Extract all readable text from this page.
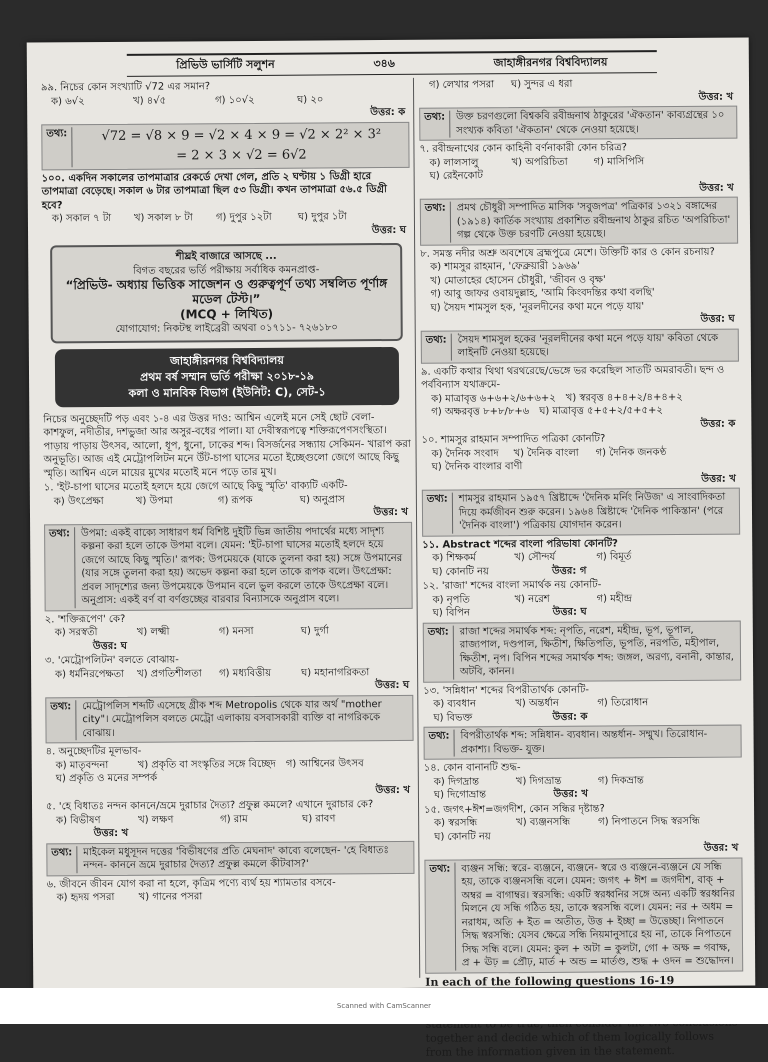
প্রিভিউ ভার্সিটি সলুশন	৩৪৬	জাহাঙ্গীরনগর বিশ্ববিদ্যালয়
৯৯. নিচের কোন সংখ্যাটি √72 এর সমান?
ক) ৬√২	খ) ৪√৫	গ) ১০√২	ঘ) ২০
উত্তর: ক
তথ্য:	√72 = √8 × 9 = √2 × 4 × 9 = √2 × 2² × 3²
= 2 × 3 × √2 = 6√2
১০০. একদিন সকালের তাপমাত্রার রেকর্ডে দেখা গেল, প্রতি ২ ঘণ্টায় ১ ডিগ্রী হারে তাপমাত্রা বেড়েছে। সকাল ৬ টার তাপমাত্রা ছিল ৫৩ ডিগ্রী। কখন তাপমাত্রা ৫৬.৫ ডিগ্রী হবে?
ক) সকাল ৭ টা	খ) সকাল ৮ টা	গ) দুপুর ১২টা	ঘ) দুপুর ১টা
উত্তর: ঘ
শীঘ্রই বাজারে আসছে ...
বিগত বছরের ভর্তি পরীক্ষায় সর্বাধিক কমনপ্রাপ্ত-
“প্রিভিউ- অধ্যায় ভিত্তিক সাজেশন ও গুরুত্বপূর্ণ তথ্য সম্বলিত পূর্ণাঙ্গ মডেল টেস্ট।”
(MCQ + লিখিত)
যোগাযোগ: নিকটস্থ লাইব্রেরী অথবা ০১৭১১- ৭২৬১৮০
জাহাঙ্গীরনগর বিশ্ববিদ্যালয়
প্রথম বর্ষ সম্মান ভর্তি পরীক্ষা ২০১৮-১৯
কলা ও মানবিক বিভাগ (ইউনিট: C), সেট-১
নিচের অনুচ্ছেদটি পড় এবং ১-৪ এর উত্তর দাও: আশ্বিন এলেই মনে সেই ছোট বেলা- কাশফুল, নদীতীর, দশভুজা আর অসুর-বধের পালা। যা দেবীস্বরূপত্বে শক্তিরূপেণসংস্থিতা। পাড়ায় পাড়ায় উৎসব, আলো, ধূপ, ধুনো, ঢাকের শব্দ। বিসর্জনের সন্ধ্যায় সেকিমন- খারাপ করা অনুভূতি। আজ এই মেট্রোপলিটন মনে উঁট-চাপা ঘাসের মতো ইচ্ছেগুলো জেগে আছে কিছু স্মৃতি। আশ্বিন এলে মায়ের মুখের মতোই মনে পড়ে তার মুখ।
১. 'ইট-চাপা ঘাসের মতোই হলদে হয়ে জেগে আছে কিছু স্মৃতি' বাক্যটি একটি-
ক) উৎপ্রেক্ষা	খ) উপমা	গ) রূপক	ঘ) অনুপ্রাস
উত্তর: খ
তথ্য:	উপমা: একই বাক্যে সাধারণ ধর্ম বিশিষ্ট দুইটি ভিন্ন জাতীয় পদার্থের মধ্যে সাদৃশ্য কল্পনা করা হলে তাকে উপমা বলে। যেমন: 'ইট-চাপা ঘাসের মতোই হলদে হয়ে জেগে আছে কিছু স্মৃতি।' রূপক: উপমেয়কে (যাকে তুলনা করা হয়) সঙ্গে উপমানের (যার সঙ্গে তুলনা করা হয়) অভেদ কল্পনা করা হলে তাকে রূপক বলে। উৎপ্রেক্ষা: প্রবল সাদৃশ্যের জন্য উপমেয়কে উপমান বলে ভুল করলে তাকে উৎপ্রেক্ষা বলে। অনুপ্রাস: একই বর্ণ বা বর্ণগুচ্ছের বারবার বিন্যাসকে অনুপ্রাস বলে।
২. 'শক্তিরূপেণ' কে?
ক) সরস্বতী	খ) লক্ষ্মী	গ) মনসা	ঘ) দুর্গা
উত্তর: ঘ
৩. 'মেট্রোপলিটন' বলতে বোঝায়-
ক) ধর্মনিরপেক্ষতা	খ) প্রগতিশীলতা	গ) মধ্যবিত্তীয়	ঘ) মহানাগরিকতা
উত্তর: ঘ
তথ্য:	মেট্রোপলিস শব্দটি এসেছে গ্রীক শব্দ Metropolis থেকে যার অর্থ "mother city"। মেট্রোপলিস বলতে মেট্রো এলাকায় বসবাসকারী ব্যক্তি বা নাগরিককে বোঝায়।
৪. অনুচ্ছেদটির মূলভাব-
ক) মাতৃবন্দনা	খ) প্রকৃতি বা সংস্কৃতির সঙ্গে বিচ্ছেদ গ) আশ্বিনের উৎসব
ঘ) প্রকৃতি ও মনের সম্পর্ক
উত্তর: খ
৫. 'হে বিধাতঃ নন্দন কাননে/ভ্রমে দুরাচার দৈত্য? প্রফুল্ল কমলে? এখানে দুরাচার কে?
ক) বিভীষণ	খ) লক্ষণ	গ) রাম	ঘ) রাবণ
উত্তর: খ
তথ্য:	মাইকেল মধুসূদন দত্তের 'বিভীষণের প্রতি মেঘনাদ' কাব্যে বলেছেন- 'হে বিধাতঃ নন্দন- কাননে ভ্রমে দুরাচার দৈত্য? প্রফুল্ল কমলে কীটবাস?'
৬. জীবনে জীবন যোগ করা না হলে, কৃত্রিম পণ্যে ব্যর্থ হয় শ্যামতার বসবে-
ক) হৃদয় পসরা	খ) গানের পসরা
গ) লেখার পসরা	ঘ) সুন্দর এ ধরা
উত্তর: খ
তথ্য:	উক্ত চরণগুলো বিশ্বকবি রবীন্দ্রনাথ ঠাকুরের 'ঐকতান' কাব্যগ্রন্থের ১০ সংখ্যক কবিতা 'ঐকতান' থেকে নেওয়া হয়েছে।
৭. রবীন্দ্রনাথের কোন কাহিনী বর্ণনাকারী কোন চরিত্র?
ক) লালসালু	খ) অপরিচিতা	গ) মাসিপিসি
ঘ) রেইনকোট
উত্তর: খ
তথ্য:	প্রমথ চৌধুরী সম্পাদিত মাসিক 'সবুজপত্র' পত্রিকার ১৩২১ বঙ্গাব্দের (১৯১৪) কার্তিক সংখ্যায় প্রকাশিত রবীন্দ্রনাথ ঠাকুর রচিত 'অপরিচিতা' গল্প থেকে উক্ত চরণটি নেওয়া হয়েছে।
৮. সমস্ত নদীর অশ্রু অবশেষে ব্রহ্মপুত্রে মেশে। উক্তিটি কার ও কোন রচনায়?
ক) শামসুর রাহমান, 'ফেব্রুয়ারী ১৯৬৯'
খ) মোতাহের হোসেন চৌধুরী, 'জীবন ও বৃক্ষ'
গ) আবু জাফর ওবায়দুল্লাহ, 'আমি কিংবদন্তির কথা বলছি'
ঘ) সৈয়দ শামসুল হক, 'নূরলদীনের কথা মনে পড়ে যায়'
উত্তর: ঘ
তথ্য:	সৈয়দ শামসুল হকের 'নূরলদীনের কথা মনে পড়ে যায়' কবিতা থেকে লাইনটি নেওয়া হয়েছে।
৯. একটি কথার থিথা থরথরেছে/ভেঙ্গে ভর করেছিল সাতটি অমরাবতী। ছন্দ ও পর্ববিন্যাস যথাক্রমে-
ক) মাত্রাবৃত্ত ৬+৬+২/৬+৬+২ খ) স্বরবৃত্ত ৪+৪+২/৪+৪+২
গ) অক্ষরবৃত্ত ৮+৮/৮+৬ ঘ) মাত্রাবৃত্ত ৫+৫+২/৫+৫+২
উত্তর: ক
১০. শামসুর রাহমান সম্পাদিত পত্রিকা কোনটি?
ক) দৈনিক সংবাদ	খ) দৈনিক বাংলা	গ) দৈনিক জনকণ্ঠ
ঘ) দৈনিক বাংলার বাণী
উত্তর: খ
তথ্য:	শামসুর রাহমান ১৯৫৭ খ্রিষ্টাব্দে 'দৈনিক মর্নিং নিউজ' এ সাংবাদিকতা দিয়ে কর্মজীবন শুরু করেন। ১৯৬৪ খ্রিষ্টাব্দে 'দৈনিক পাকিস্তান' (পরে 'দৈনিক বাংলা') পত্রিকায় যোগদান করেন।
১১. Abstract শব্দের বাংলা পরিভাষা কোনটি?
ক) শিক্ষকর্ম	খ) সৌন্দর্য	গ) বিমূর্ত
ঘ) কোনটি নয়	উত্তর: গ
১২. 'রাজা' শব্দের বাংলা সমার্থক নয় কোনটি-
ক) নৃপতি	খ) নরেশ	গ) মহীন্দ্র
ঘ) বিপিন	উত্তর: ঘ
তথ্য:	রাজা শব্দের সমার্থক শব্দ: নৃপতি, নরেশ, মহীন্দ্র, ভূপ, ভূপাল, রাজ্যপাল, দণ্ডপাল, ক্ষিতীশ, ক্ষিতিপতি, ভূপতি, নরপতি, মহীপাল, ক্ষিতীশ, নৃপ। বিপিন শব্দের সমার্থক শব্দ: জঙ্গল, অরণ্য, বনানী, কান্তার, অটবি, কানন।
১৩. 'সন্নিধান' শব্দের বিপরীতার্থক কোনটি-
ক) ব্যবধান	খ) অন্তর্ধান	গ) তিরোধান
ঘ) বিভক্ত	উত্তর: ক
তথ্য:	বিপরীতার্থক শব্দ: সন্নিধান- ব্যবধান। অন্তর্ধান- সম্মুখ। তিরোধান- প্রকাশ্য। বিভক্ত- যুক্ত।
১৪. কোন বানানটি শুদ্ধ-
ক) দিগদ্রান্ত	খ) দিগভ্রান্ত	গ) দিকভ্রান্ত
ঘ) দিগোভ্রান্ত	উত্তর: খ
১৫. জগৎ+ঈশ=জগদীশ, কোন সন্ধির দৃষ্টান্ত?
ক) স্বরসন্ধি	খ) ব্যঞ্জনসন্ধি	গ) নিপাতনে সিদ্ধ স্বরসন্ধি
ঘ) কোনটি নয়
উত্তর: খ
তথ্য:	ব্যঞ্জন সন্ধি: স্বরে- ব্যঞ্জনে, ব্যঞ্জনে- স্বরে ও ব্যঞ্জনে-ব্যঞ্জনে যে সন্ধি হয়, তাকে ব্যঞ্জনসন্ধি বলে। যেমন: জগৎ + ঈশ = জগদীশ, বাক্ + অম্বর = বাগাম্বর। স্বরসন্ধি: একটি স্বরধ্বনির সঙ্গে অন্য একটি স্বরধ্বনির মিলনে যে সন্ধি গঠিত হয়, তাকে স্বরসন্ধি বলে। যেমন: নর + অধম = নরাধম, অতি + ইত = অতীত, উত্ত + ইচ্ছা = উত্তেচ্ছা। নিপাতনে সিদ্ধ স্বরসন্ধি: যেসব ক্ষেত্রে সন্ধি নিয়মানুসারে হয় না, তাকে নিপাতনে সিদ্ধ সন্ধি বলে। যেমন: কুল + অটা = কুলটা, গো + অক্ষ = গবাক্ষ, প্র + ঊঢ় = প্রৌঢ়, মার্ত + অন্ড = মার্তণ্ড, শুদ্ধ + ওদন = শুদ্ধোদন।
In each of the following questions 16-19
together and decide which of them logically follows from the information given in the statement.
Scanned with CamScanner
